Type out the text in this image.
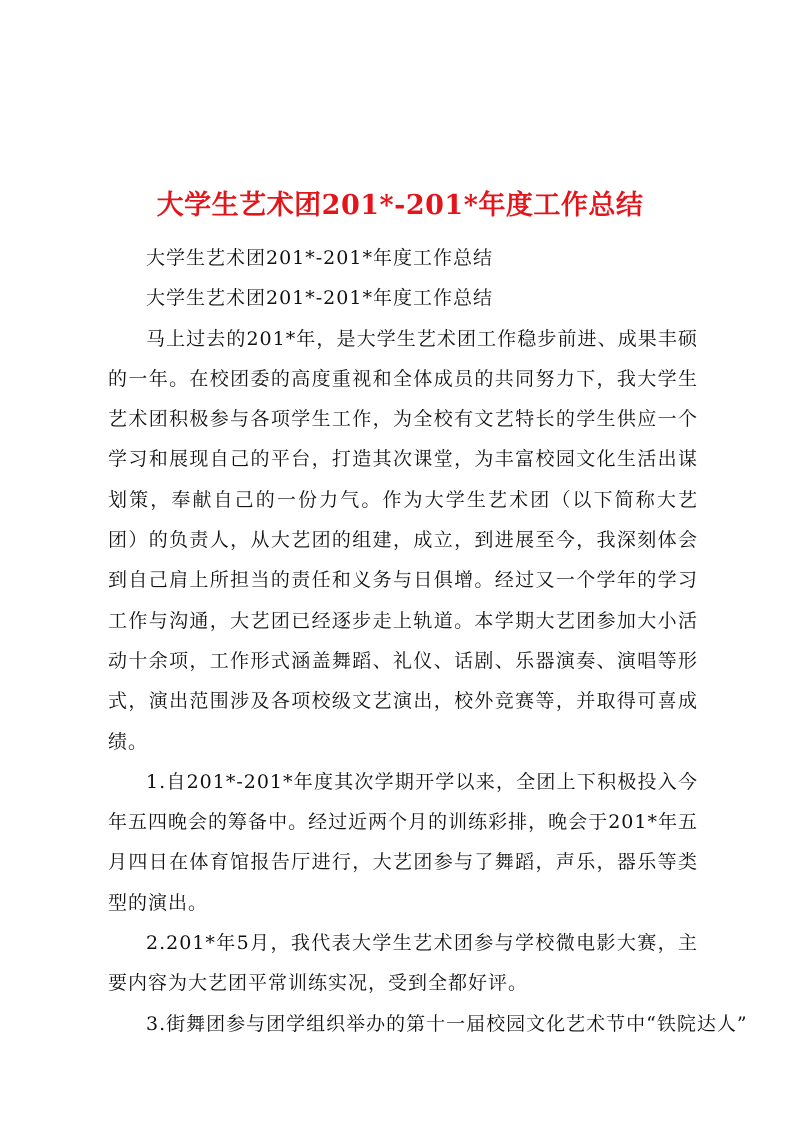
大学生艺术团201*-201*年度工作总结

大学生艺术团201*-201*年度工作总结

大学生艺术团201*-201*年度工作总结

马上过去的201*年，是大学生艺术团工作稳步前进、成果丰硕的一年。在校团委的高度重视和全体成员的共同努力下，我大学生艺术团积极参与各项学生工作，为全校有文艺特长的学生供应一个学习和展现自己的平台，打造其次课堂，为丰富校园文化生活出谋划策，奉献自己的一份力气。作为大学生艺术团（以下简称大艺团）的负责人，从大艺团的组建，成立，到进展至今，我深刻体会到自己肩上所担当的责任和义务与日俱增。经过又一个学年的学习工作与沟通，大艺团已经逐步走上轨道。本学期大艺团参加大小活动十余项，工作形式涵盖舞蹈、礼仪、话剧、乐器演奏、演唱等形式，演出范围涉及各项校级文艺演出，校外竞赛等，并取得可喜成绩。

1.自201*-201*年度其次学期开学以来，全团上下积极投入今年五四晚会的筹备中。经过近两个月的训练彩排，晚会于201*年五月四日在体育馆报告厅进行，大艺团参与了舞蹈，声乐，器乐等类型的演出。

2.201*年5月，我代表大学生艺术团参与学校微电影大赛，主要内容为大艺团平常训练实况，受到全都好评。

3.街舞团参与团学组织举办的第十一届校园文化艺术节中“铁院达人”
